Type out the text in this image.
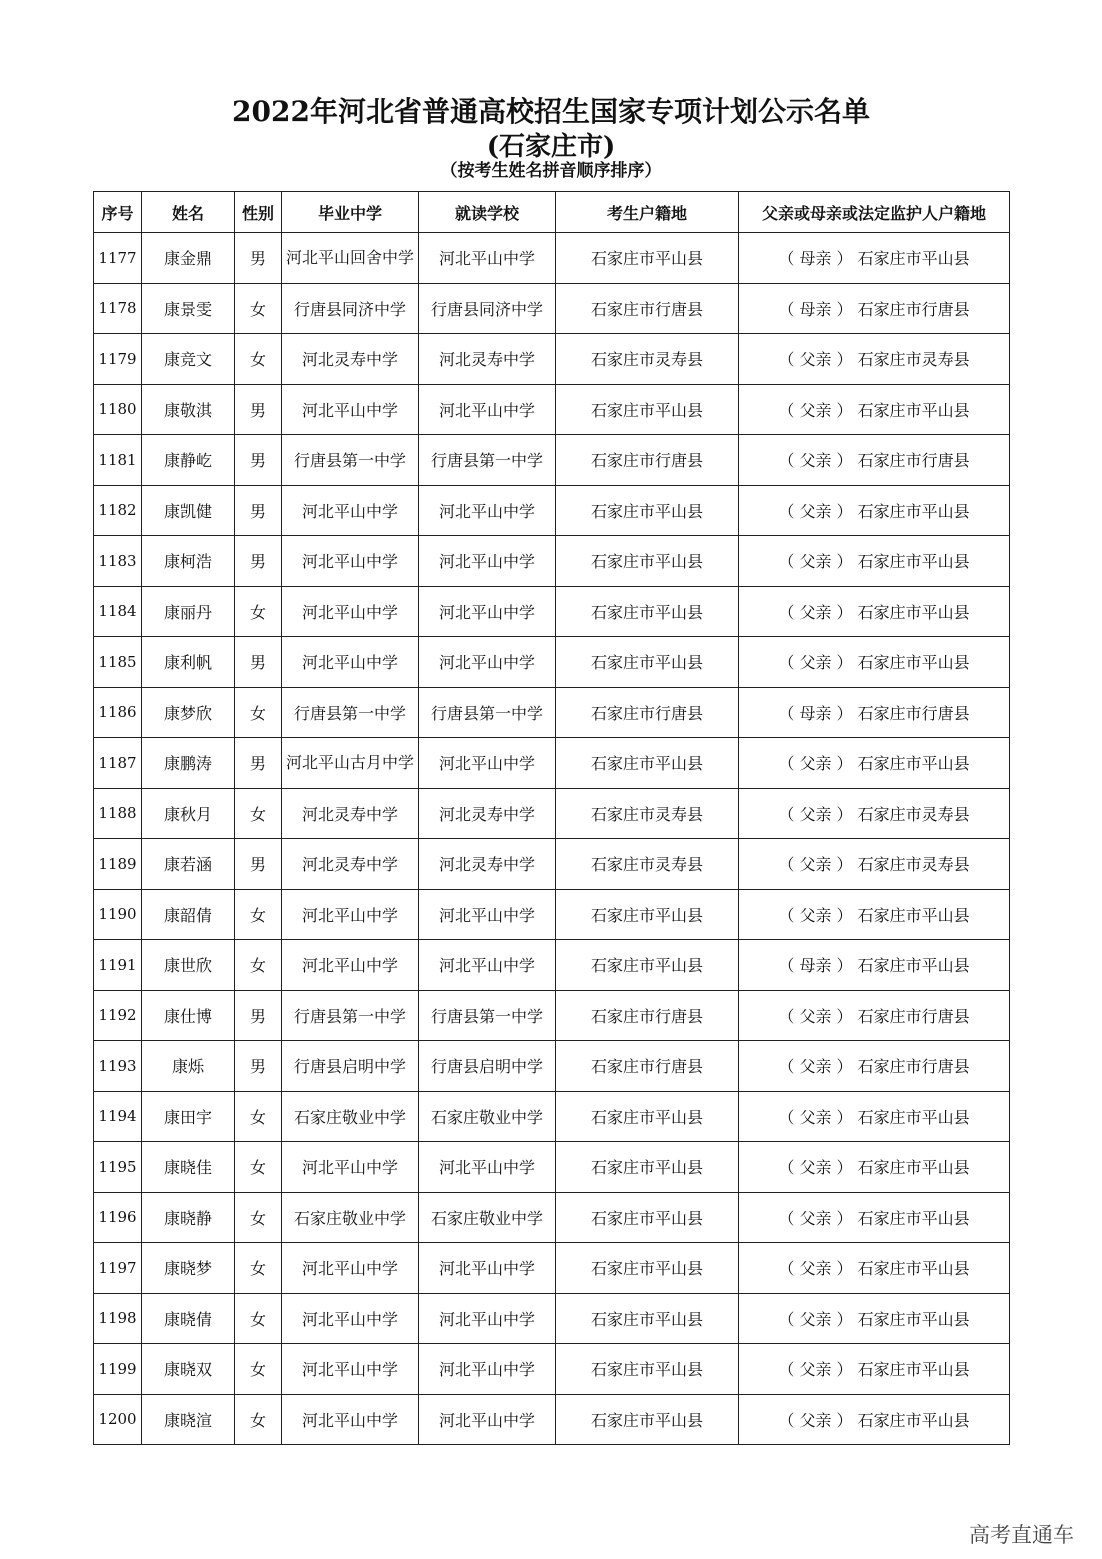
2022年河北省普通高校招生国家专项计划公示名单
(石家庄市)
（按考生姓名拼音顺序排序）
序号	姓名	性别	毕业中学	就读学校	考生户籍地	父亲或母亲或法定监护人户籍地
1177	康金鼎	男	河北平山回舍中学	河北平山中学	石家庄市平山县	（ 母亲 ） 石家庄市平山县
1178	康景雯	女	行唐县同济中学	行唐县同济中学	石家庄市行唐县	（ 母亲 ） 石家庄市行唐县
1179	康竞文	女	河北灵寿中学	河北灵寿中学	石家庄市灵寿县	（ 父亲 ） 石家庄市灵寿县
1180	康敬淇	男	河北平山中学	河北平山中学	石家庄市平山县	（ 父亲 ） 石家庄市平山县
1181	康静屹	男	行唐县第一中学	行唐县第一中学	石家庄市行唐县	（ 父亲 ） 石家庄市行唐县
1182	康凯健	男	河北平山中学	河北平山中学	石家庄市平山县	（ 父亲 ） 石家庄市平山县
1183	康柯浩	男	河北平山中学	河北平山中学	石家庄市平山县	（ 父亲 ） 石家庄市平山县
1184	康丽丹	女	河北平山中学	河北平山中学	石家庄市平山县	（ 父亲 ） 石家庄市平山县
1185	康利帆	男	河北平山中学	河北平山中学	石家庄市平山县	（ 父亲 ） 石家庄市平山县
1186	康梦欣	女	行唐县第一中学	行唐县第一中学	石家庄市行唐县	（ 母亲 ） 石家庄市行唐县
1187	康鹏涛	男	河北平山古月中学	河北平山中学	石家庄市平山县	（ 父亲 ） 石家庄市平山县
1188	康秋月	女	河北灵寿中学	河北灵寿中学	石家庄市灵寿县	（ 父亲 ） 石家庄市灵寿县
1189	康若涵	男	河北灵寿中学	河北灵寿中学	石家庄市灵寿县	（ 父亲 ） 石家庄市灵寿县
1190	康韶倩	女	河北平山中学	河北平山中学	石家庄市平山县	（ 父亲 ） 石家庄市平山县
1191	康世欣	女	河北平山中学	河北平山中学	石家庄市平山县	（ 母亲 ） 石家庄市平山县
1192	康仕博	男	行唐县第一中学	行唐县第一中学	石家庄市行唐县	（ 父亲 ） 石家庄市行唐县
1193	康烁	男	行唐县启明中学	行唐县启明中学	石家庄市行唐县	（ 父亲 ） 石家庄市行唐县
1194	康田宇	女	石家庄敬业中学	石家庄敬业中学	石家庄市平山县	（ 父亲 ） 石家庄市平山县
1195	康晓佳	女	河北平山中学	河北平山中学	石家庄市平山县	（ 父亲 ） 石家庄市平山县
1196	康晓静	女	石家庄敬业中学	石家庄敬业中学	石家庄市平山县	（ 父亲 ） 石家庄市平山县
1197	康晓梦	女	河北平山中学	河北平山中学	石家庄市平山县	（ 父亲 ） 石家庄市平山县
1198	康晓倩	女	河北平山中学	河北平山中学	石家庄市平山县	（ 父亲 ） 石家庄市平山县
1199	康晓双	女	河北平山中学	河北平山中学	石家庄市平山县	（ 父亲 ） 石家庄市平山县
1200	康晓渲	女	河北平山中学	河北平山中学	石家庄市平山县	（ 父亲 ） 石家庄市平山县
高考直通车
